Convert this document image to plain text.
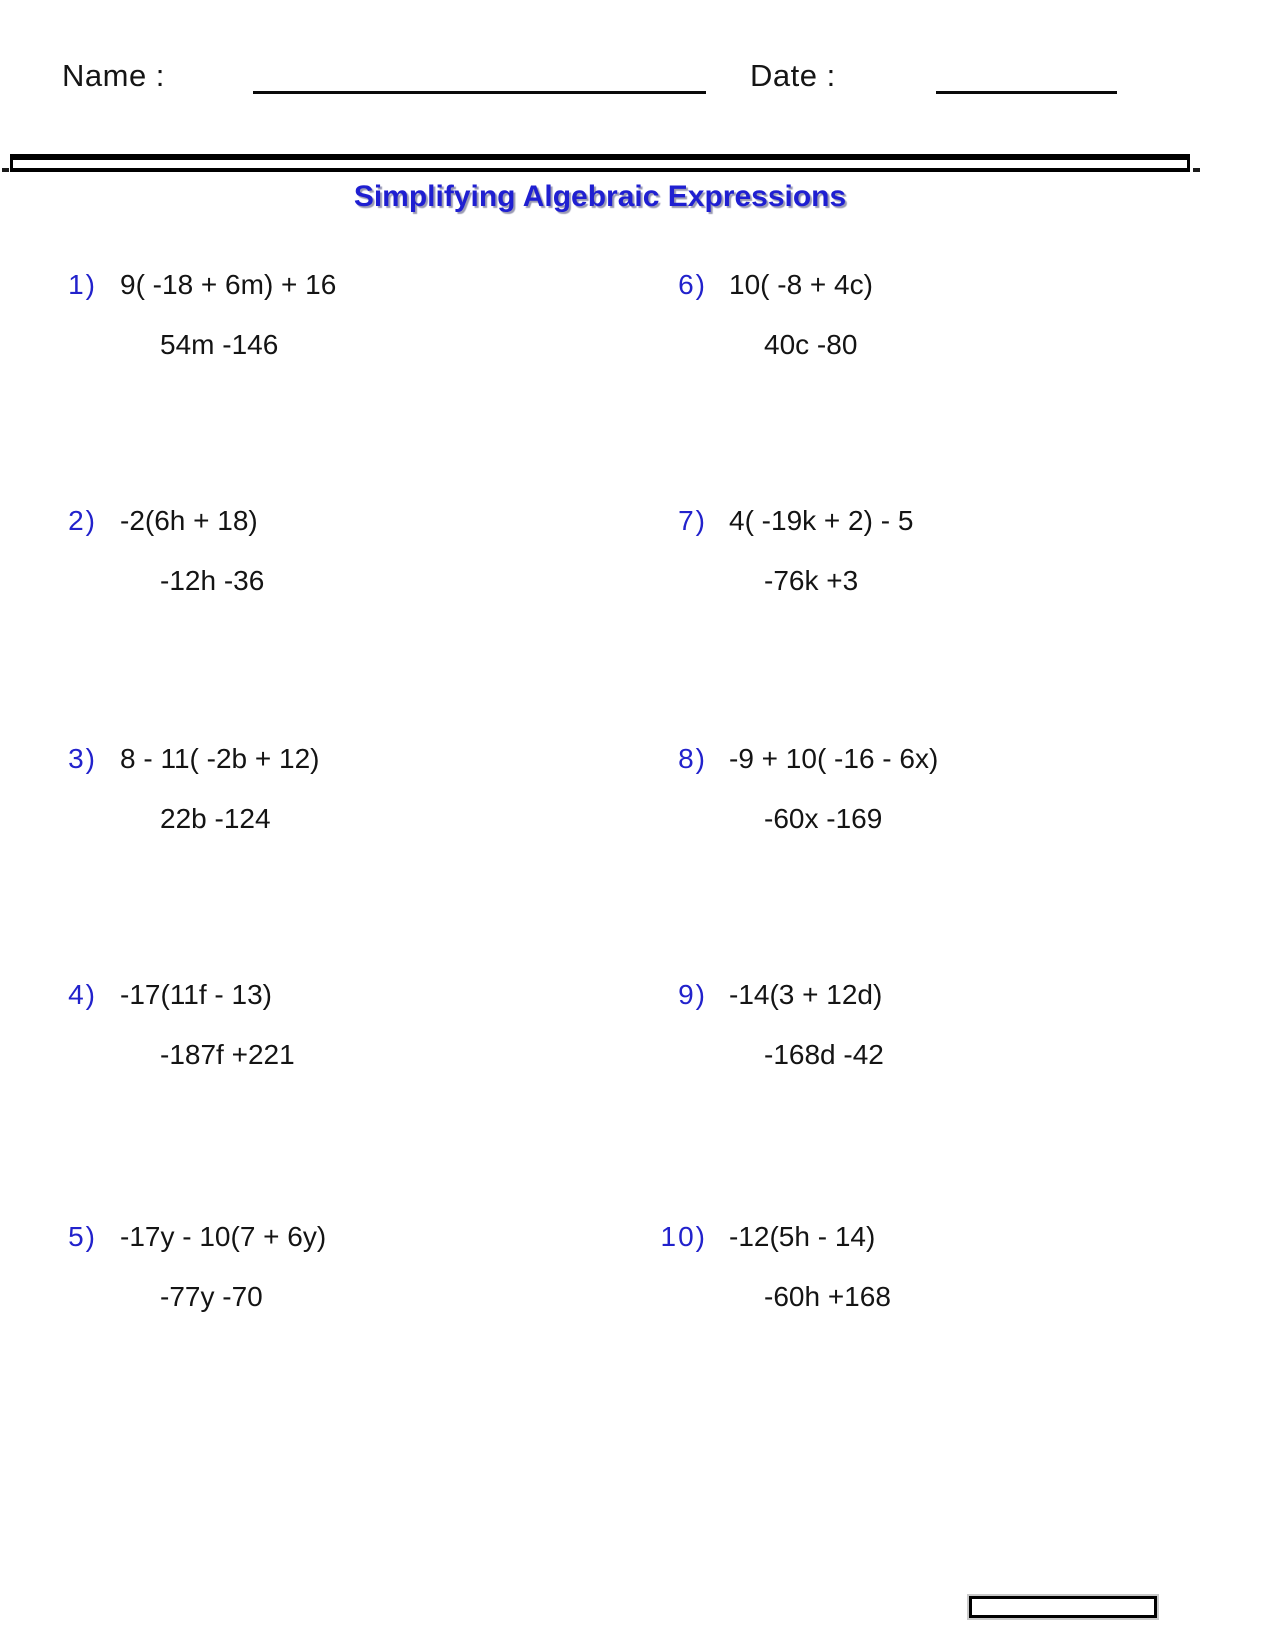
Name :	Date :
Simplifying Algebraic Expressions
1) 9( -18 + 6m) + 16
54m -146
2) -2(6h + 18)
-12h -36
3) 8 - 11( -2b + 12)
22b -124
4) -17(11f - 13)
-187f +221
5) -17y - 10(7 + 6y)
-77y -70
6) 10( -8 + 4c)
40c -80
7) 4( -19k + 2) - 5
-76k +3
8) -9 + 10( -16 - 6x)
-60x -169
9) -14(3 + 12d)
-168d -42
10) -12(5h - 14)
-60h +168
